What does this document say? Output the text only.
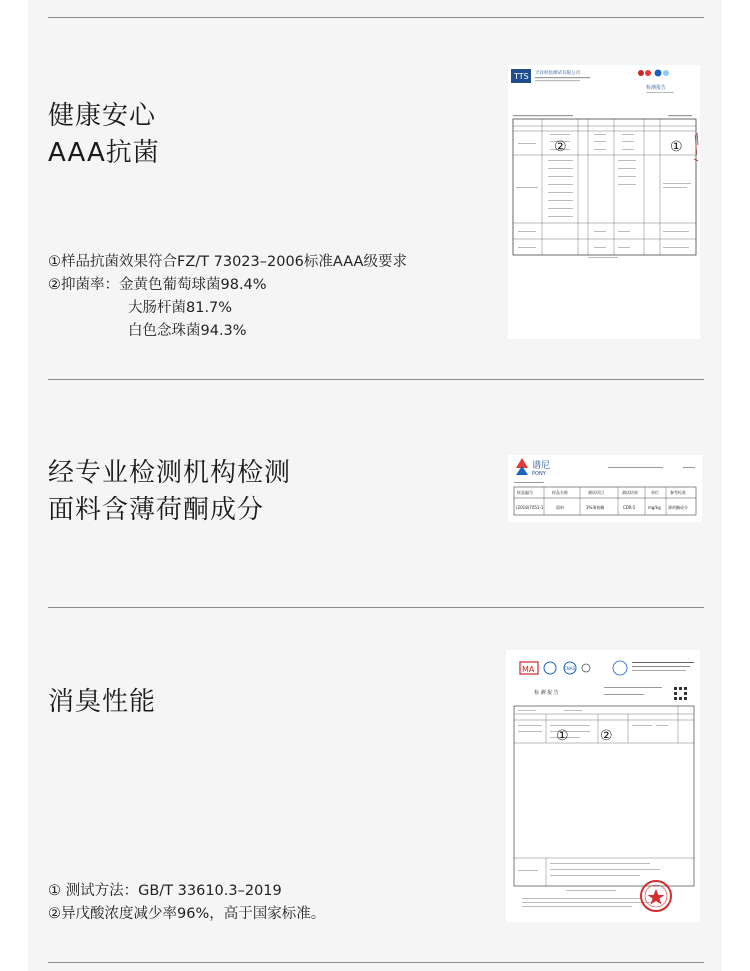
健康安心
AAA抗菌
①样品抗菌效果符合FZ/T 73023–2006标准AAA级要求
②抑菌率：金黄色葡萄球菌98.4%
大肠杆菌81.7%
白色念珠菌94.3%
TTS 天祥检验测试有限公司
检测报告
②	①
经专业检测机构检测
面料含薄荷酮成分
谱尼
PONY
样品编号	样品名称	测试项目	测试结果	单位	参考标准
(2018)7051-1	面料	3%薄荷酮	CDR-5	mg/kg 薄荷酮成分
消臭性能
① 测试方法：GB/T 33610.3–2019
②异戊酸浓度减少率96%，高于国家标准。
MA	CNAS
检 测 报 告
① ②
